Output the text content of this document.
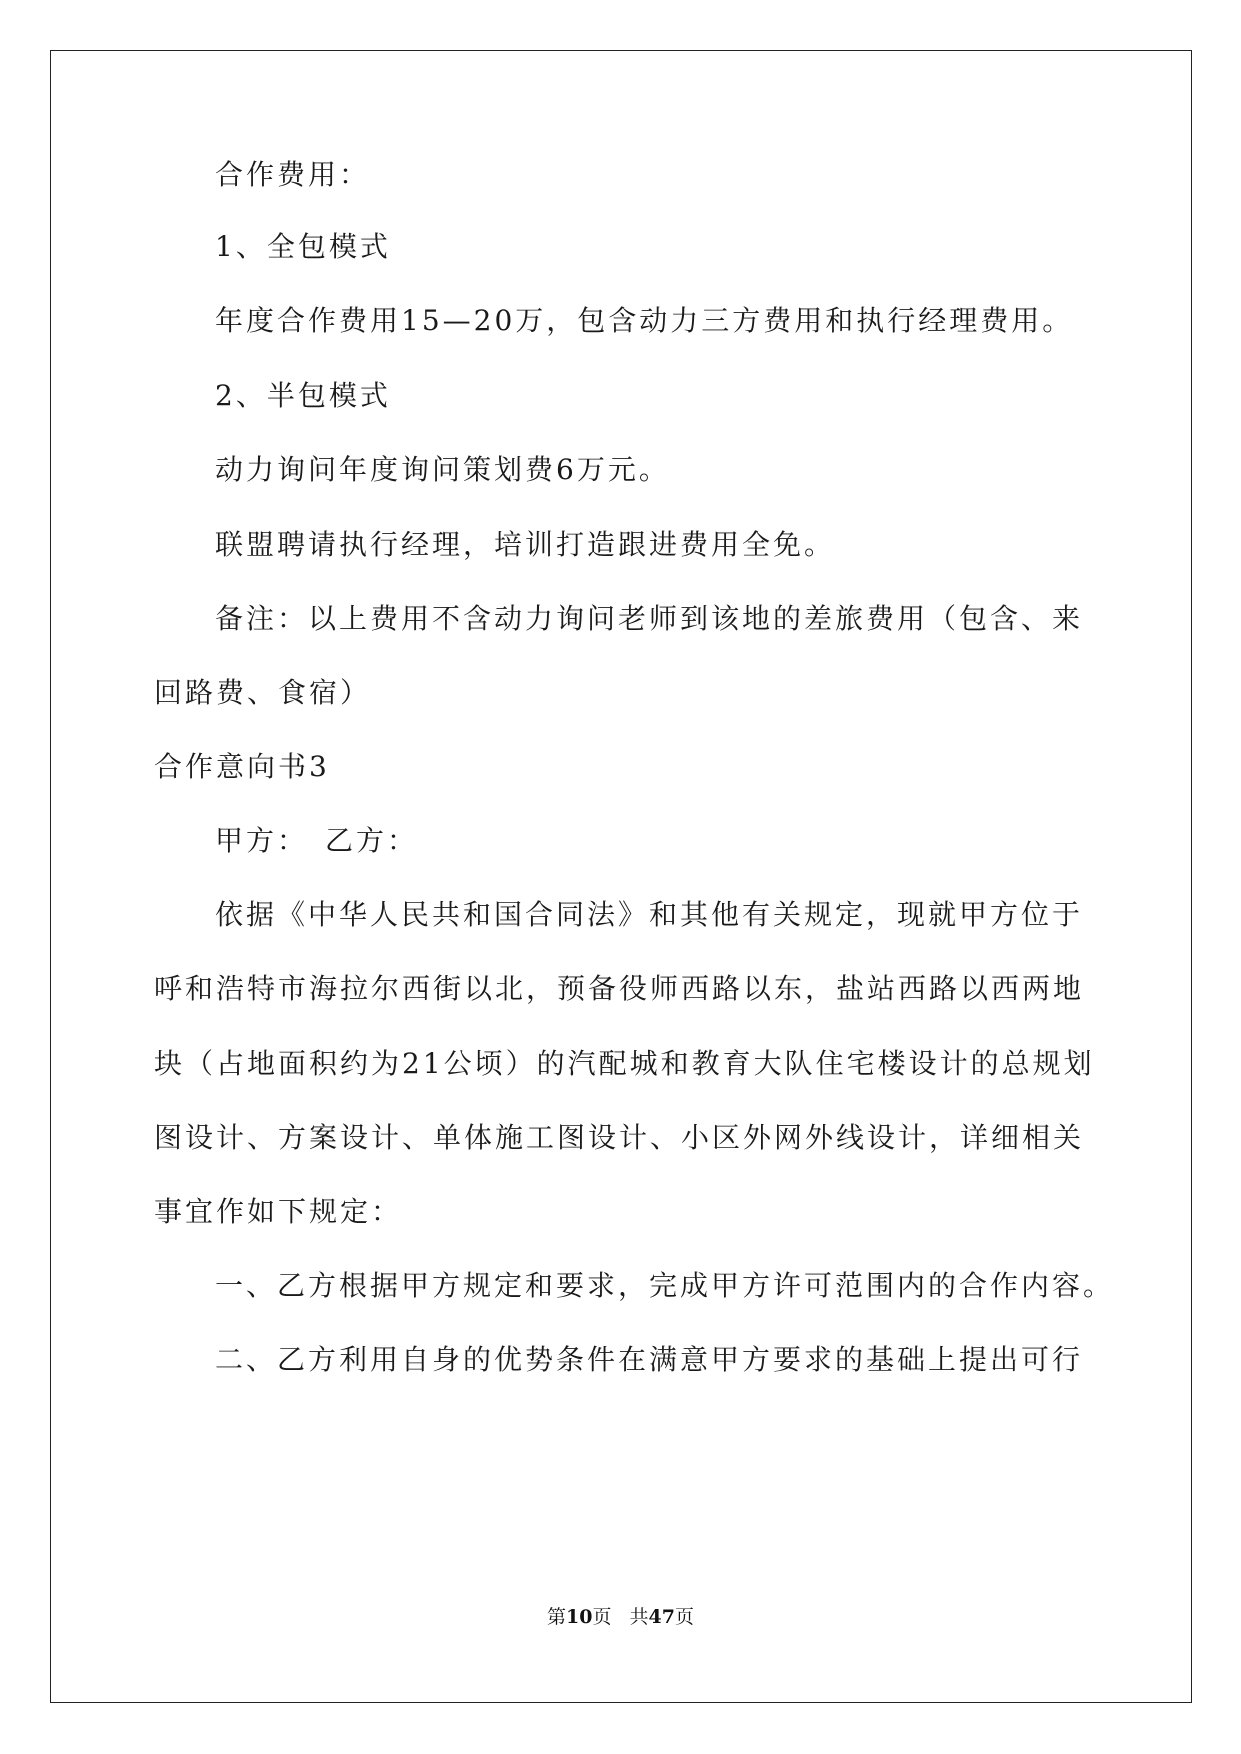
合作费用：
1、全包模式
年度合作费用15—20万，包含动力三方费用和执行经理费用。
2、半包模式
动力询问年度询问策划费6万元。
联盟聘请执行经理，培训打造跟进费用全免。
备注：以上费用不含动力询问老师到该地的差旅费用（包含、来
回路费、食宿）
合作意向书3
甲方：　乙方：
依据《中华人民共和国合同法》和其他有关规定，现就甲方位于
呼和浩特市海拉尔西街以北，预备役师西路以东，盐站西路以西两地
块（占地面积约为21公顷）的汽配城和教育大队住宅楼设计的总规划
图设计、方案设计、单体施工图设计、小区外网外线设计，详细相关
事宜作如下规定：
一、乙方根据甲方规定和要求，完成甲方许可范围内的合作内容。
二、乙方利用自身的优势条件在满意甲方要求的基础上提出可行
第10页 共47页
